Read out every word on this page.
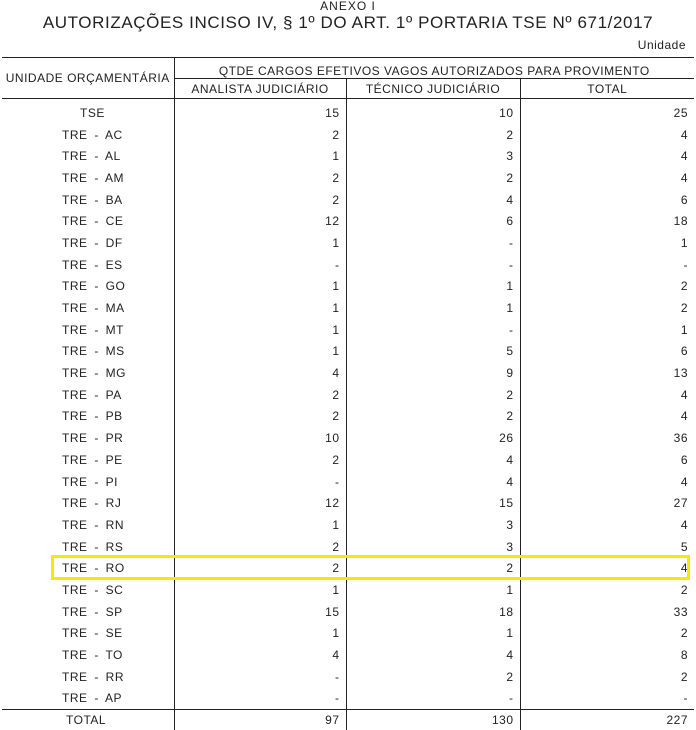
ANEXO I
AUTORIZAÇÕES INCISO IV, § 1º DO ART. 1º PORTARIA TSE Nº 671/2017
Unidade
UNIDADE ORÇAMENTÁRIA	QTDE CARGOS EFETIVOS VAGOS AUTORIZADOS PARA PROVIMENTO		
	ANALISTA JUDICIÁRIO	TÉCNICO JUDICIÁRIO	TOTAL
TSE	15	10	25
TRE - AC	2	2	4
TRE - AL	1	3	4
TRE - AM	2	2	4
TRE - BA	2	4	6
TRE - CE	12	6	18
TRE - DF	1	-	1
TRE - ES	-	-	-
TRE - GO	1	1	2
TRE - MA	1	1	2
TRE - MT	1	-	1
TRE - MS	1	5	6
TRE - MG	4	9	13
TRE - PA	2	2	4
TRE - PB	2	2	4
TRE - PR	10	26	36
TRE - PE	2	4	6
TRE - PI	-	4	4
TRE - RJ	12	15	27
TRE - RN	1	3	4
TRE - RS	2	3	5
TRE - RO	2	2	4
TRE - SC	1	1	2
TRE - SP	15	18	33
TRE - SE	1	1	2
TRE - TO	4	4	8
TRE - RR	-	2	2
TRE - AP	-	-	-
TOTAL	97	130	227
